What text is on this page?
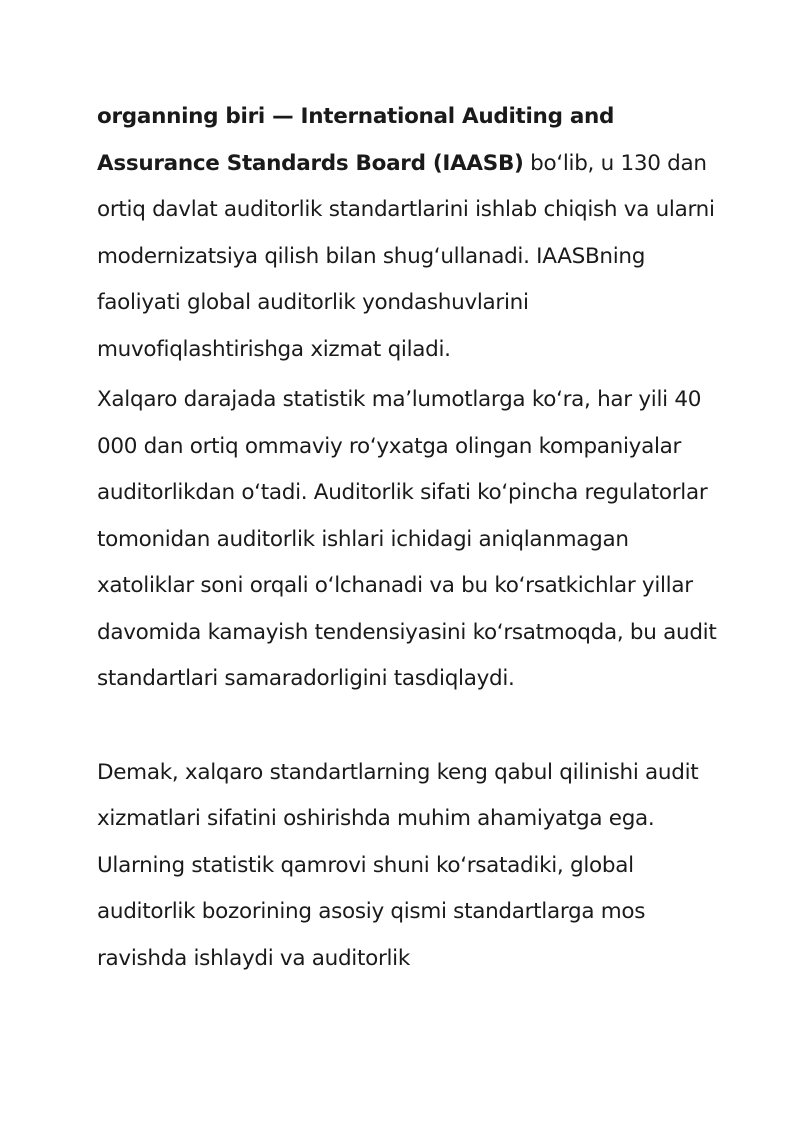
organning biri — International Auditing and Assurance Standards Board (IAASB) bo‘lib, u 130 dan ortiq davlat auditorlik standartlarini ishlab chiqish va ularni modernizatsiya qilish bilan shug‘ullanadi. IAASBning faoliyati global auditorlik yondashuvlarini muvofiqlashtirishga xizmat qiladi.

Xalqaro darajada statistik ma’lumotlarga ko‘ra, har yili 40 000 dan ortiq ommaviy ro‘yxatga olingan kompaniyalar auditorlikdan o‘tadi. Auditorlik sifati ko‘pincha regulatorlar tomonidan auditorlik ishlari ichidagi aniqlanmagan xatoliklar soni orqali o‘lchanadi va bu ko‘rsatkichlar yillar davomida kamayish tendensiyasini ko‘rsatmoqda, bu audit standartlari samaradorligini tasdiqlaydi.

Demak, xalqaro standartlarning keng qabul qilinishi audit xizmatlari sifatini oshirishda muhim ahamiyatga ega. Ularning statistik qamrovi shuni ko‘rsatadiki, global auditorlik bozorining asosiy qismi standartlarga mos ravishda ishlaydi va auditorlik
